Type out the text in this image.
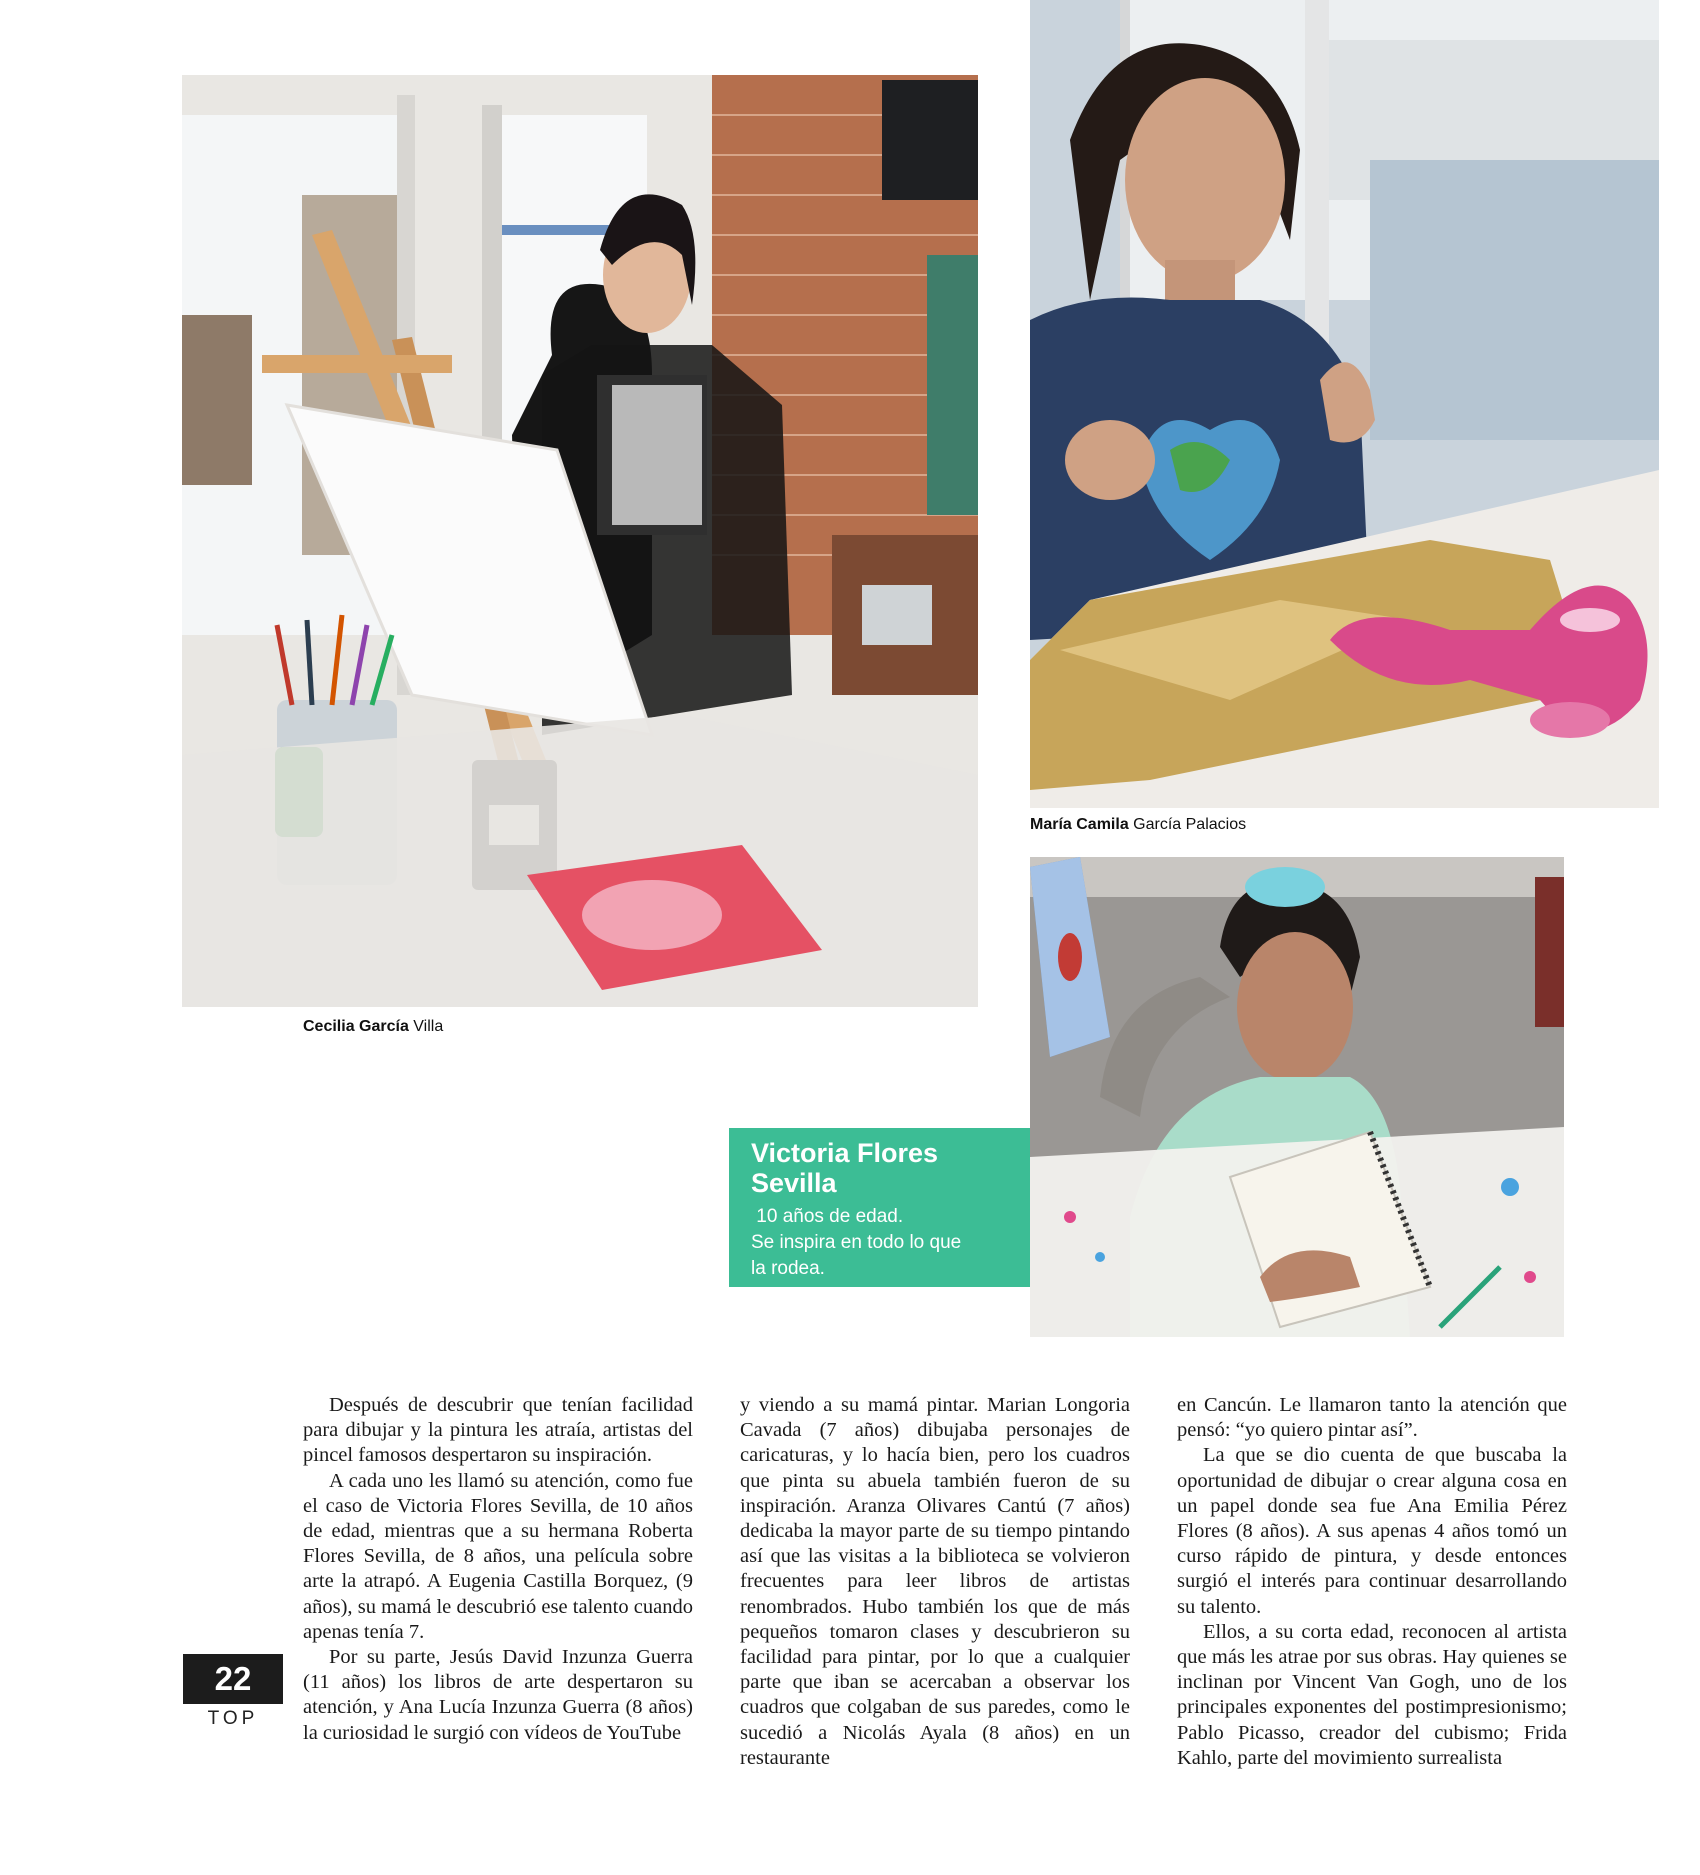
María Camila García Palacios
Cecilia García Villa

Victoria Flores Sevilla

10 años de edad.

Se inspira en todo lo que

la rodea.

Después de descubrir que tenían facilidad para dibujar y la pintura les atraía, artistas del pincel famosos despertaron su inspiración.

A cada uno les llamó su atención, como fue el caso de Victoria Flores Sevilla, de 10 años de edad, mientras que a su hermana Roberta Flores Sevilla, de 8 años, una película sobre arte la atrapó. A Eugenia Castilla Borquez, (9 años), su mamá le descubrió ese talento cuando apenas tenía 7.

Por su parte, Jesús David Inzunza Guerra (11 años) los libros de arte despertaron su atención, y Ana Lucía Inzunza Guerra (8 años) la curiosidad le surgió con vídeos de YouTube

y viendo a su mamá pintar. Marian Longoria Cavada (7 años) dibujaba personajes de caricaturas, y lo hacía bien, pero los cuadros que pinta su abuela también fueron de su inspiración. Aranza Olivares Cantú (7 años) dedicaba la mayor parte de su tiempo pintando así que las visitas a la biblioteca se volvieron frecuentes para leer libros de artistas renombrados. Hubo también los que de más pequeños tomaron clases y descubrieron su facilidad para pintar, por lo que a cualquier parte que iban se acercaban a observar los cuadros que colgaban de sus paredes, como le sucedió a Nicolás Ayala (8 años) en un restaurante

en Cancún. Le llamaron tanto la atención que pensó: “yo quiero pintar así”.

La que se dio cuenta de que buscaba la oportunidad de dibujar o crear alguna cosa en un papel donde sea fue Ana Emilia Pérez Flores (8 años). A sus apenas 4 años tomó un curso rápido de pintura, y desde entonces surgió el interés para continuar desarrollando su talento.

Ellos, a su corta edad, reconocen al artista que más les atrae por sus obras. Hay quienes se inclinan por Vincent Van Gogh, uno de los principales exponentes del postimpresionismo; Pablo Picasso, creador del cubismo; Frida Kahlo, parte del movimiento surrealista

22
TOP
